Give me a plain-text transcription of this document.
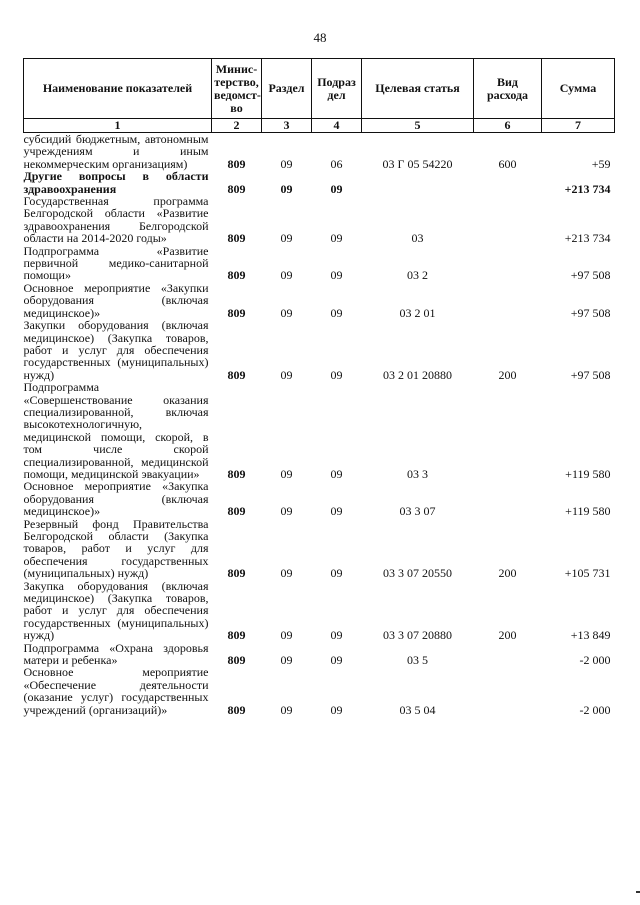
48
Наименование показателей	Минис-терство, ведомст-во	Раздел	Подраз дел	Целевая статья	Вид расхода	Сумма
1	2	3	4	5	6	7
субсидий бюджетным, автономным учреждениям и иным некоммерческим организациям)	809	09	06	03 Г 05 54220	600	+59
Другие вопросы в области здравоохранения	809	09	09			+213 734
Государственная программа Белгородской области «Развитие здравоохранения Белгородской области на 2014-2020 годы»	809	09	09	03		+213 734
Подпрограмма «Развитие первичной медико-санитарной помощи»	809	09	09	03 2		+97 508
Основное мероприятие «Закупки оборудования (включая медицинское)»	809	09	09	03 2 01		+97 508
Закупки оборудования (включая медицинское) (Закупка товаров, работ и услуг для обеспечения государственных (муниципальных) нужд)	809	09	09	03 2 01 20880	200	+97 508
Подпрограмма «Совершенствование оказания специализированной, включая высокотехнологичную, медицинской помощи, скорой, в том числе скорой специализированной, медицинской помощи, медицинской эвакуации»	809	09	09	03 3		+119 580
Основное мероприятие «Закупка оборудования (включая медицинское)»	809	09	09	03 3 07		+119 580
Резервный фонд Правительства Белгородской области (Закупка товаров, работ и услуг для обеспечения государственных (муниципальных) нужд)	809	09	09	03 3 07 20550	200	+105 731
Закупка оборудования (включая медицинское) (Закупка товаров, работ и услуг для обеспечения государственных (муниципальных) нужд)	809	09	09	03 3 07 20880	200	+13 849
Подпрограмма «Охрана здоровья матери и ребенка»	809	09	09	03 5		-2 000
Основное мероприятие «Обеспечение деятельности (оказание услуг) государственных учреждений (организаций)»	809	09	09	03 5 04		-2 000
